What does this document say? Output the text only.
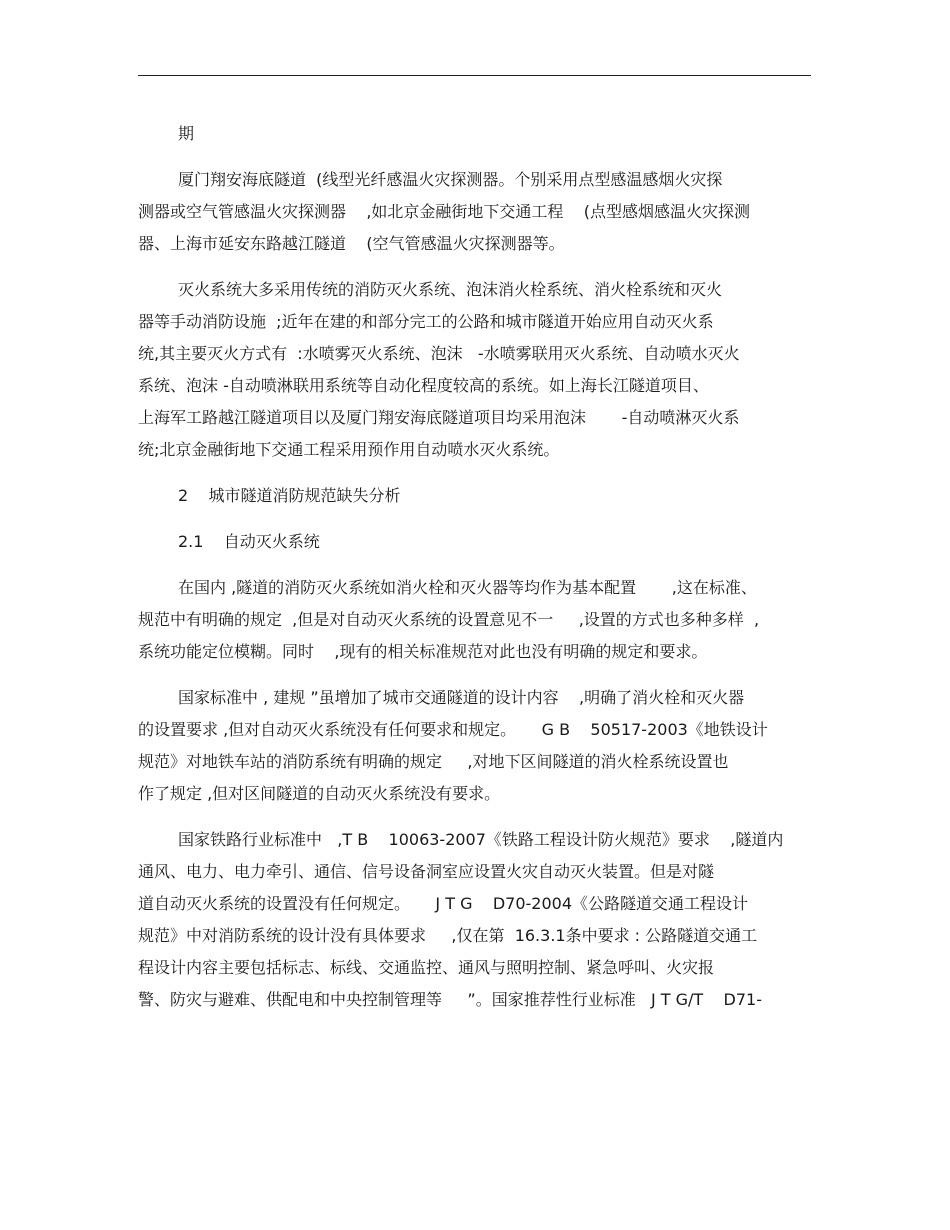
期
厦门翔安海底隧道  (线型光纤感温火灾探测器。个别采用点型感温感烟火灾探
测器或空气管感温火灾探测器    ,如北京金融街地下交通工程    (点型感烟感温火灾探测
器、上海市延安东路越江隧道    (空气管感温火灾探测器等。
灭火系统大多采用传统的消防灭火系统、泡沫消火栓系统、消火栓系统和灭火
器等手动消防设施  ;近年在建的和部分完工的公路和城市隧道开始应用自动灭火系
统,其主要灭火方式有  :水喷雾灭火系统、泡沫   -水喷雾联用灭火系统、自动喷水灭火
系统、泡沫 -自动喷淋联用系统等自动化程度较高的系统。如上海长江隧道项目、
上海军工路越江隧道项目以及厦门翔安海底隧道项目均采用泡沫       -自动喷淋灭火系
统;北京金融街地下交通工程采用预作用自动喷水灭火系统。
2    城市隧道消防规范缺失分析
2.1    自动灭火系统
在国内 ,隧道的消防灭火系统如消火栓和灭火器等均作为基本配置       ,这在标准、
规范中有明确的规定  ,但是对自动灭火系统的设置意见不一     ,设置的方式也多种多样  ,
系统功能定位模糊。同时    ,现有的相关标准规范对此也没有明确的规定和要求。
国家标准中 , 建规 ”虽增加了城市交通隧道的设计内容    ,明确了消火栓和灭火器
的设置要求 ,但对自动灭火系统没有任何要求和规定。     G B    50517-2003《地铁设计
规范》对地铁车站的消防系统有明确的规定     ,对地下区间隧道的消火栓系统设置也
作了规定 ,但对区间隧道的自动灭火系统没有要求。
国家铁路行业标准中   ,T B    10063-2007《铁路工程设计防火规范》要求    ,隧道内
通风、电力、电力牵引、通信、信号设备洞室应设置火灾自动灭火装置。但是对隧
道自动灭火系统的设置没有任何规定。     J T G    D70-2004《公路隧道交通工程设计
规范》中对消防系统的设计没有具体要求     ,仅在第  16.3.1条中要求 : 公路隧道交通工
程设计内容主要包括标志、标线、交通监控、通风与照明控制、紧急呼叫、火灾报
警、防灾与避难、供配电和中央控制管理等     ”。国家推荐性行业标准   J T G/T    D71-
